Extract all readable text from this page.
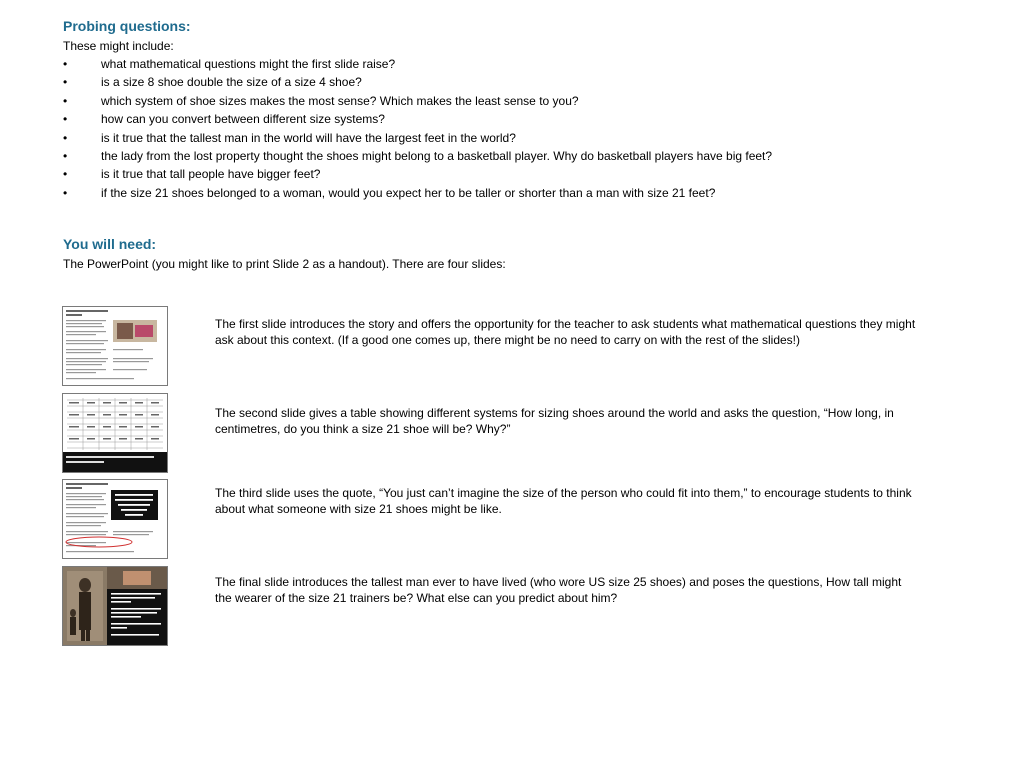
Probing questions:

These might include:

•	what mathematical questions might the first slide raise?
•	is a size 8 shoe double the size of a size 4 shoe?
•	which system of shoe sizes makes the most sense? Which makes the least sense to you?
•	how can you convert between different size systems?
•	is it true that the tallest man in the world will have the largest feet in the world?
•	the lady from the lost property thought the shoes might belong to a basketball player. Why do basketball players have big feet?
•	is it true that tall people have bigger feet?
•	if the size 21 shoes belonged to a woman, would you expect her to be taller or shorter than a man with size 21 feet?
You will need:

The PowerPoint (you might like to print Slide 2 as a handout). There are four slides:

The first slide introduces the story and offers the opportunity for the teacher to ask students what mathematical questions they might ask about this context. (If a good one comes up, there might be no need to carry on with the rest of the slides!)

The second slide gives a table showing different systems for sizing shoes around the world and asks the question, “How long, in centimetres, do you think a size 21 shoe will be? Why?”

The third slide uses the quote, “You just can’t imagine the size of the person who could fit into them,” to encourage students to think about what someone with size 21 shoes might be like.

The final slide introduces the tallest man ever to have lived (who wore US size 25 shoes) and poses the questions, How tall might the wearer of the size 21 trainers be? What else can you predict about him?
